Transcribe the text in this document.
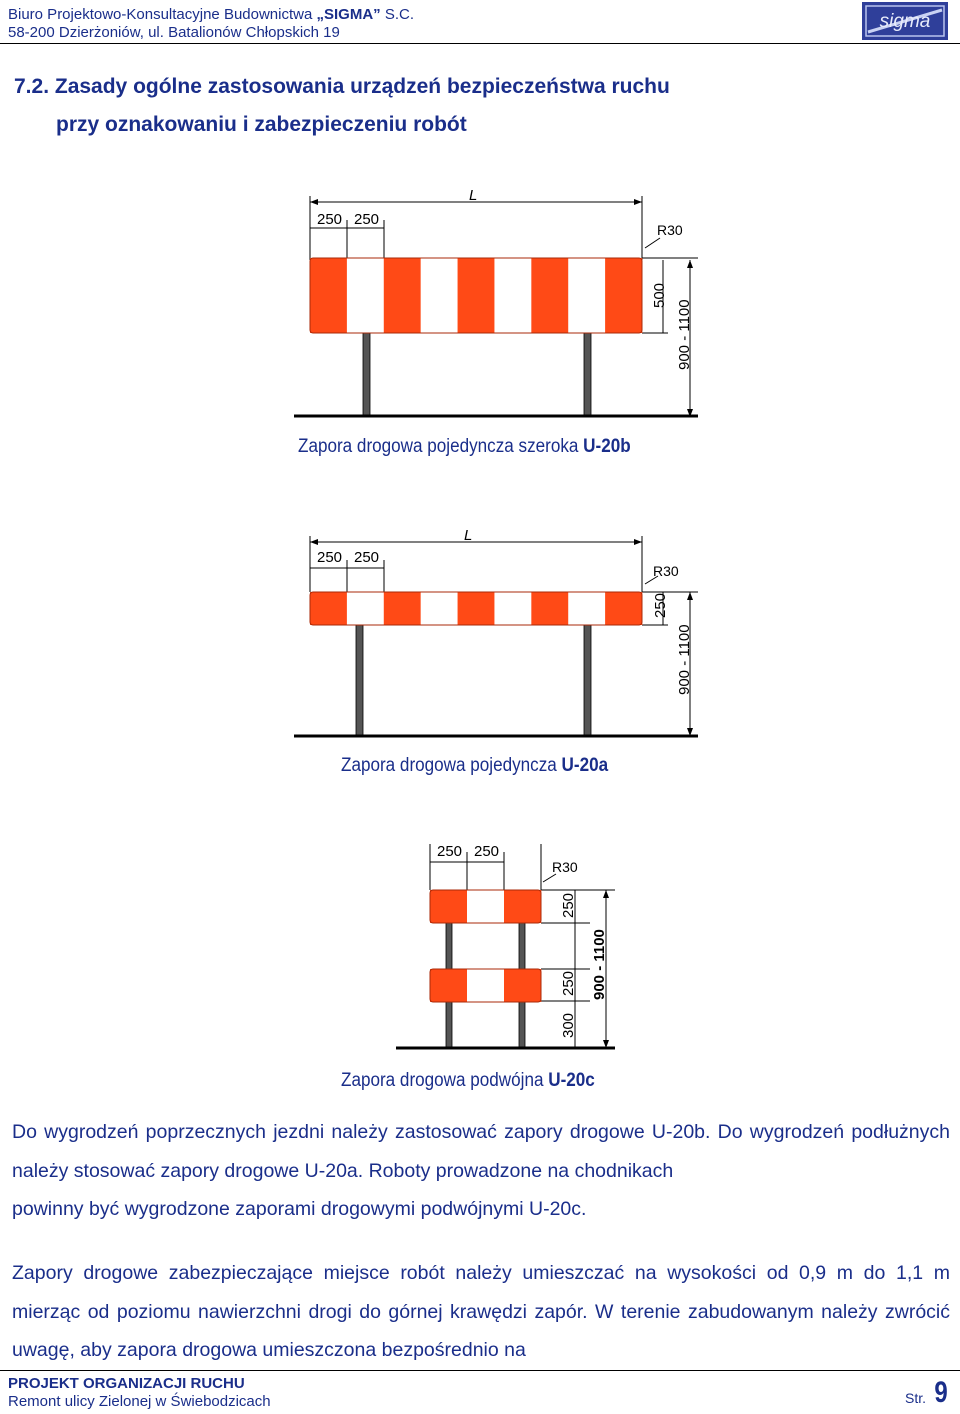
Biuro Projektowo-Konsultacyjne Budownictwa „SIGMA” S.C.
58-200 Dzierżoniów, ul. Batalionów Chłopskich 19
sigma
7.2. Zasady ogólne zastosowania urządzeń bezpieczeństwa ruchu
przy oznakowaniu i zabezpieczeniu robót
L
250 250
R30
500
900 - 1100
Zapora drogowa pojedyncza szeroka U-20b
L
250 250
R30
250
900 - 1100
Zapora drogowa pojedyncza U-20a
250 250
R30
250
250
300
900 - 1100
Zapora drogowa podwójna U-20c
Do wygrodzeń poprzecznych jezdni należy zastosować zapory drogowe U-20b. Do wygrodzeń podłużnych należy stosować zapory drogowe U-20a. Roboty prowadzone na chodnikach
powinny być wygrodzone zaporami drogowymi podwójnymi U-20c.
Zapory drogowe zabezpieczające miejsce robót należy umieszczać na wysokości od 0,9 m do 1,1 m mierząc od poziomu nawierzchni drogi do górnej krawędzi zapór. W terenie zabudowanym należy zwrócić uwagę, aby zapora drogowa umieszczona bezpośrednio na
PROJEKT ORGANIZACJI RUCHU
Remont ulicy Zielonej w Świebodzicach	Str. 9
